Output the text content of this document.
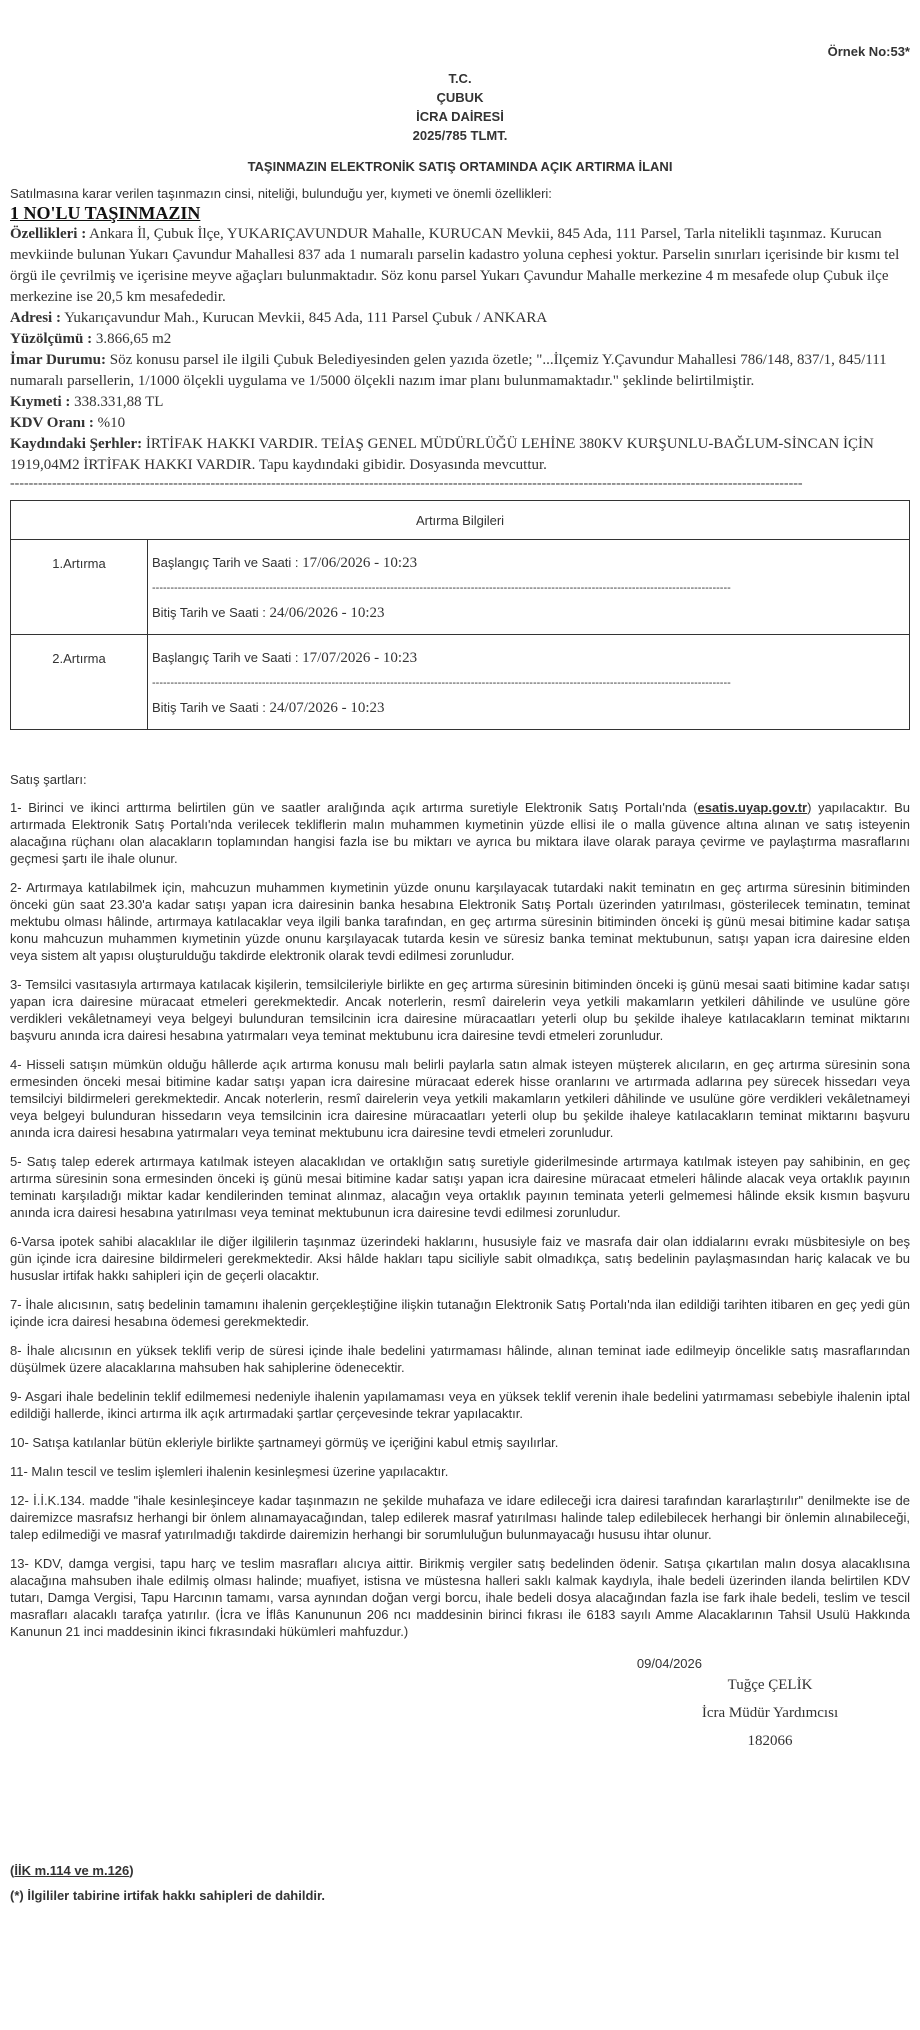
Örnek No:53*
T.C.
ÇUBUK
İCRA DAİRESİ
2025/785 TLMT.
TAŞINMAZIN ELEKTRONİK SATIŞ ORTAMINDA AÇIK ARTIRMA İLANI
Satılmasına karar verilen taşınmazın cinsi, niteliği, bulunduğu yer, kıymeti ve önemli özellikleri:
1 NO'LU TAŞINMAZIN
Özellikleri : Ankara İl, Çubuk İlçe, YUKARIÇAVUNDUR Mahalle, KURUCAN Mevkii, 845 Ada, 111 Parsel, Tarla nitelikli taşınmaz. Kurucan mevkiinde bulunan Yukarı Çavundur Mahallesi 837 ada 1 numaralı parselin kadastro yoluna cephesi yoktur. Parselin sınırları içerisinde bir kısmı tel örgü ile çevrilmiş ve içerisine meyve ağaçları bulunmaktadır. Söz konu parsel Yukarı Çavundur Mahalle merkezine 4 m mesafede olup Çubuk ilçe merkezine ise 20,5 km mesafededir.
Adresi : Yukarıçavundur Mah., Kurucan Mevkii, 845 Ada, 111 Parsel Çubuk / ANKARA
Yüzölçümü : 3.866,65 m2
İmar Durumu: Söz konusu parsel ile ilgili Çubuk Belediyesinden gelen yazıda özetle; "...İlçemiz Y.Çavundur Mahallesi 786/148, 837/1, 845/111 numaralı parsellerin, 1/1000 ölçekli uygulama ve 1/5000 ölçekli nazım imar planı bulunmamaktadır." şeklinde belirtilmiştir.
Kıymeti : 338.331,88 TL
KDV Oranı : %10
Kaydındaki Şerhler: İRTİFAK HAKKI VARDIR. TEİAŞ GENEL MÜDÜRLÜĞÜ LEHİNE 380KV KURŞUNLU-BAĞLUM-SİNCAN İÇİN 1919,04M2 İRTİFAK HAKKI VARDIR. Tapu kaydındaki gibidir. Dosyasında mevcuttur.
--------------------------------------------------------------------------------------------------------------------------------------------------------------------------
Artırma Bilgileri	
1.Artırma	Başlangıç Tarih ve Saati : 17/06/2026 - 10:23
--------------------------------------------------------------------------------------------------------------------------------------------------------------
Bitiş Tarih ve Saati : 24/06/2026 - 10:23

2.Artırma	Başlangıç Tarih ve Saati : 17/07/2026 - 10:23
--------------------------------------------------------------------------------------------------------------------------------------------------------------
Bitiş Tarih ve Saati : 24/07/2026 - 10:23
Satış şartları:
1- Birinci ve ikinci arttırma belirtilen gün ve saatler aralığında açık artırma suretiyle Elektronik Satış Portalı'nda (esatis.uyap.gov.tr) yapılacaktır. Bu artırmada Elektronik Satış Portalı'nda verilecek tekliflerin malın muhammen kıymetinin yüzde ellisi ile o malla güvence altına alınan ve satış isteyenin alacağına rüçhanı olan alacakların toplamından hangisi fazla ise bu miktarı ve ayrıca bu miktara ilave olarak paraya çevirme ve paylaştırma masraflarını geçmesi şartı ile ihale olunur.
2- Artırmaya katılabilmek için, mahcuzun muhammen kıymetinin yüzde onunu karşılayacak tutardaki nakit teminatın en geç artırma süresinin bitiminden önceki gün saat 23.30'a kadar satışı yapan icra dairesinin banka hesabına Elektronik Satış Portalı üzerinden yatırılması, gösterilecek teminatın, teminat mektubu olması hâlinde, artırmaya katılacaklar veya ilgili banka tarafından, en geç artırma süresinin bitiminden önceki iş günü mesai bitimine kadar satışa konu mahcuzun muhammen kıymetinin yüzde onunu karşılayacak tutarda kesin ve süresiz banka teminat mektubunun, satışı yapan icra dairesine elden veya sistem alt yapısı oluşturulduğu takdirde elektronik olarak tevdi edilmesi zorunludur.
3- Temsilci vasıtasıyla artırmaya katılacak kişilerin, temsilcileriyle birlikte en geç artırma süresinin bitiminden önceki iş günü mesai saati bitimine kadar satışı yapan icra dairesine müracaat etmeleri gerekmektedir. Ancak noterlerin, resmî dairelerin veya yetkili makamların yetkileri dâhilinde ve usulüne göre verdikleri vekâletnameyi veya belgeyi bulunduran temsilcinin icra dairesine müracaatları yeterli olup bu şekilde ihaleye katılacakların teminat miktarını başvuru anında icra dairesi hesabına yatırmaları veya teminat mektubunu icra dairesine tevdi etmeleri zorunludur.
4- Hisseli satışın mümkün olduğu hâllerde açık artırma konusu malı belirli paylarla satın almak isteyen müşterek alıcıların, en geç artırma süresinin sona ermesinden önceki mesai bitimine kadar satışı yapan icra dairesine müracaat ederek hisse oranlarını ve artırmada adlarına pey sürecek hissedarı veya temsilciyi bildirmeleri gerekmektedir. Ancak noterlerin, resmî dairelerin veya yetkili makamların yetkileri dâhilinde ve usulüne göre verdikleri vekâletnameyi veya belgeyi bulunduran hissedarın veya temsilcinin icra dairesine müracaatları yeterli olup bu şekilde ihaleye katılacakların teminat miktarını başvuru anında icra dairesi hesabına yatırmaları veya teminat mektubunu icra dairesine tevdi etmeleri zorunludur.
5- Satış talep ederek artırmaya katılmak isteyen alacaklıdan ve ortaklığın satış suretiyle giderilmesinde artırmaya katılmak isteyen pay sahibinin, en geç artırma süresinin sona ermesinden önceki iş günü mesai bitimine kadar satışı yapan icra dairesine müracaat etmeleri hâlinde alacak veya ortaklık payının teminatı karşıladığı miktar kadar kendilerinden teminat alınmaz, alacağın veya ortaklık payının teminata yeterli gelmemesi hâlinde eksik kısmın başvuru anında icra dairesi hesabına yatırılması veya teminat mektubunun icra dairesine tevdi edilmesi zorunludur.
6-Varsa ipotek sahibi alacaklılar ile diğer ilgililerin taşınmaz üzerindeki haklarını, hususiyle faiz ve masrafa dair olan iddialarını evrakı müsbitesiyle on beş gün içinde icra dairesine bildirmeleri gerekmektedir. Aksi hâlde hakları tapu siciliyle sabit olmadıkça, satış bedelinin paylaşmasından hariç kalacak ve bu hususlar irtifak hakkı sahipleri için de geçerli olacaktır.
7- İhale alıcısının, satış bedelinin tamamını ihalenin gerçekleştiğine ilişkin tutanağın Elektronik Satış Portalı'nda ilan edildiği tarihten itibaren en geç yedi gün içinde icra dairesi hesabına ödemesi gerekmektedir.
8- İhale alıcısının en yüksek teklifi verip de süresi içinde ihale bedelini yatırmaması hâlinde, alınan teminat iade edilmeyip öncelikle satış masraflarından düşülmek üzere alacaklarına mahsuben hak sahiplerine ödenecektir.
9- Asgari ihale bedelinin teklif edilmemesi nedeniyle ihalenin yapılamaması veya en yüksek teklif verenin ihale bedelini yatırmaması sebebiyle ihalenin iptal edildiği hallerde, ikinci artırma ilk açık artırmadaki şartlar çerçevesinde tekrar yapılacaktır.
10- Satışa katılanlar bütün ekleriyle birlikte şartnameyi görmüş ve içeriğini kabul etmiş sayılırlar.
11- Malın tescil ve teslim işlemleri ihalenin kesinleşmesi üzerine yapılacaktır.
12- İ.İ.K.134. madde "ihale kesinleşinceye kadar taşınmazın ne şekilde muhafaza ve idare edileceği icra dairesi tarafından kararlaştırılır" denilmekte ise de dairemizce masrafsız herhangi bir önlem alınamayacağından, talep edilerek masraf yatırılması halinde talep edilebilecek herhangi bir önlemin alınabileceği, talep edilmediği ve masraf yatırılmadığı takdirde dairemizin herhangi bir sorumluluğun bulunmayacağı hususu ihtar olunur.
13- KDV, damga vergisi, tapu harç ve teslim masrafları alıcıya aittir. Birikmiş vergiler satış bedelinden ödenir. Satışa çıkartılan malın dosya alacaklısına alacağına mahsuben ihale edilmiş olması halinde; muafiyet, istisna ve müstesna halleri saklı kalmak kaydıyla, ihale bedeli üzerinden ilanda belirtilen KDV tutarı, Damga Vergisi, Tapu Harcının tamamı, varsa aynından doğan vergi borcu, ihale bedeli dosya alacağından fazla ise fark ihale bedeli, teslim ve tescil masrafları alacaklı tarafça yatırılır. (İcra ve İflâs Kanununun 206 ncı maddesinin birinci fıkrası ile 6183 sayılı Amme Alacaklarının Tahsil Usulü Hakkında Kanunun 21 inci maddesinin ikinci fıkrasındaki hükümleri mahfuzdur.)
09/04/2026
Tuğçe ÇELİK
İcra Müdür Yardımcısı
182066
(İİK m.114 ve m.126)
(*) İlgililer tabirine irtifak hakkı sahipleri de dahildir.
